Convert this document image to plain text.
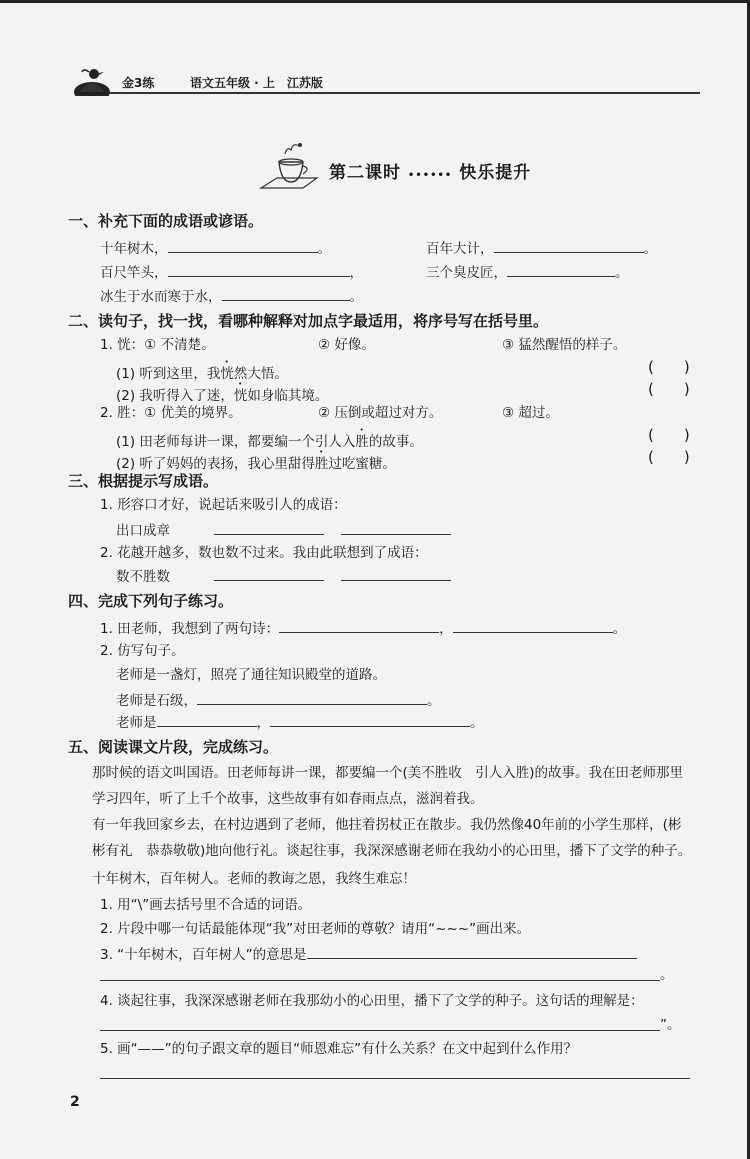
金3练	语文五年级 · 上　江苏版
第二课时 •••••• 快乐提升
一、补充下面的成语或谚语。
十年树木，	。	百年大计，	。
百尺竿头，	，	三个臭皮匠，	。
冰生于水而寒于水，	。
二、读句子，找一找，看哪种解释对加点字最适用，将序号写在括号里。
1. 恍：① 不清楚。	② 好像。	③ 猛然醒悟的样子。
(1) 听到这里，我恍然大悟。	(　　)
(2) 我听得入了迷，恍如身临其境。	(　　)
2. 胜：① 优美的境界。	② 压倒或超过对方。	③ 超过。
(1) 田老师每讲一课，都要编一个引人入胜的故事。	(　　)
(2) 听了妈妈的表扬，我心里甜得胜过吃蜜糖。	(　　)
三、根据提示写成语。
1. 形容口才好，说起话来吸引人的成语：
出口成章
2. 花越开越多，数也数不过来。我由此联想到了成语：
数不胜数
四、完成下列句子练习。
1. 田老师，我想到了两句诗：	，	。
2. 仿写句子。
老师是一盏灯，照亮了通往知识殿堂的道路。
老师是石级，	。
老师是	，	。
五、阅读课文片段，完成练习。
那时候的语文叫国语。田老师每讲一课，都要编一个(美不胜收　引人入胜)的故事。我在田老师那里学习四年，听了上千个故事，这些故事有如春雨点点，滋润着我。
有一年我回家乡去，在村边遇到了老师，他拄着拐杖正在散步。我仍然像40年前的小学生那样，(彬彬有礼　恭恭敬敬)地向他行礼。谈起往事，我深深感谢老师在我幼小的心田里，播下了文学的种子。
十年树木，百年树人。老师的教诲之恩，我终生难忘！
1. 用“\”画去括号里不合适的词语。
2. 片段中哪一句话最能体现“我”对田老师的尊敬？请用“~~~”画出来。
3. “十年树木，百年树人”的意思是
。
4. 谈起往事，我深深感谢老师在我那幼小的心田里，播下了文学的种子。这句话的理解是：
”。
5. 画“——”的句子跟文章的题目“师恩难忘”有什么关系？在文中起到什么作用？
2
